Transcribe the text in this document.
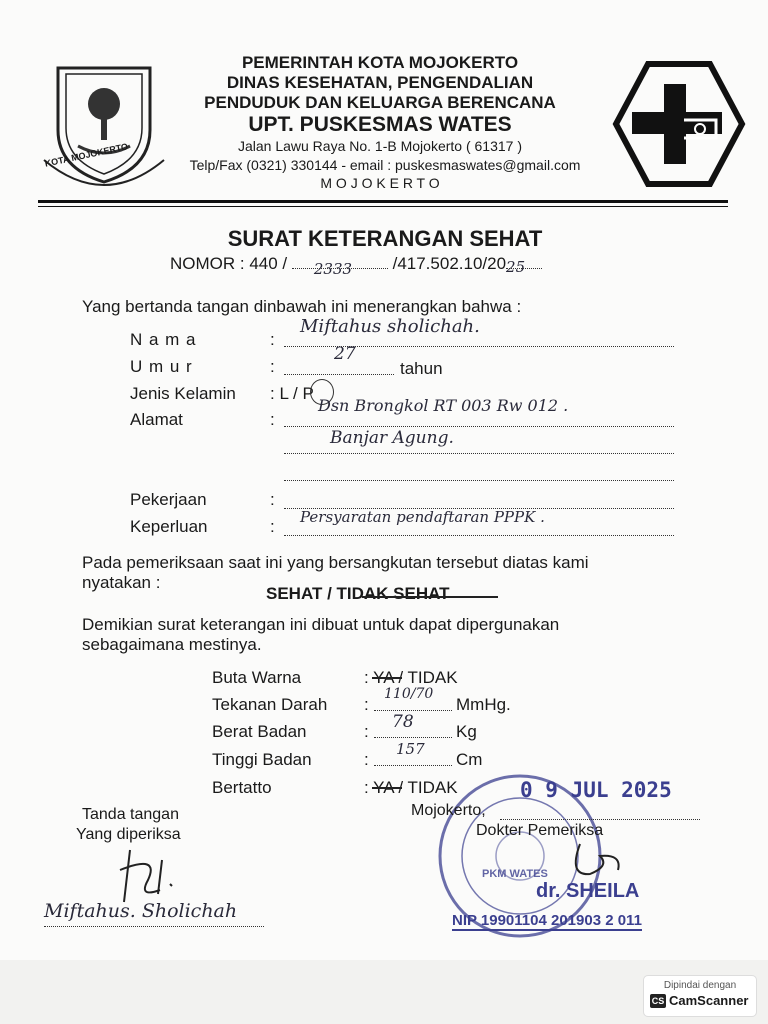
KOTA MOJOKERTO
PEMERINTAH KOTA MOJOKERTO
DINAS KESEHATAN, PENGENDALIAN
PENDUDUK DAN KELUARGA BERENCANA
UPT. PUSKESMAS WATES
Jalan Lawu Raya No. 1-B Mojokerto ( 61317 )
Telp/Fax (0321) 330144 - email : puskesmaswates@gmail.com
M O J O K E R T O
SURAT KETERANGAN SEHAT
NOMOR : 440 / 2333 /417.502.10/20 25
Yang bertanda tangan dinbawah ini menerangkan bahwa :
N a m a	:
Miftahus sholichah.
U m u r	:
27
tahun
Jenis Kelamin : L / P
Alamat	:
Dsn Brongkol RT 003 Rw 012 .
Banjar Agung.
Pekerjaan	:
Keperluan	: Persyaratan pendaftaran PPPK .
Pada pemeriksaan saat ini yang bersangkutan tersebut diatas kami
nyatakan :
SEHAT / TIDAK SEHAT
Demikian surat keterangan ini dibuat untuk dapat dipergunakan
sebagaimana mestinya.
Buta Warna	: YA / TIDAK
Tekanan Darah :
110/70
MmHg.
Berat Badan	: 78 Kg
Tinggi Badan	:
157
Cm
Bertatto	: YA / TIDAK
PKM WATES
Tanda tangan
Yang diperiksa
Miftahus. Sholichah
Mojokerto,
0 9 JUL 2025
Dokter Pemeriksa
dr. SHEILA
NIP 19901104 201903 2 011
Dipindai dengan
CS CamScanner
